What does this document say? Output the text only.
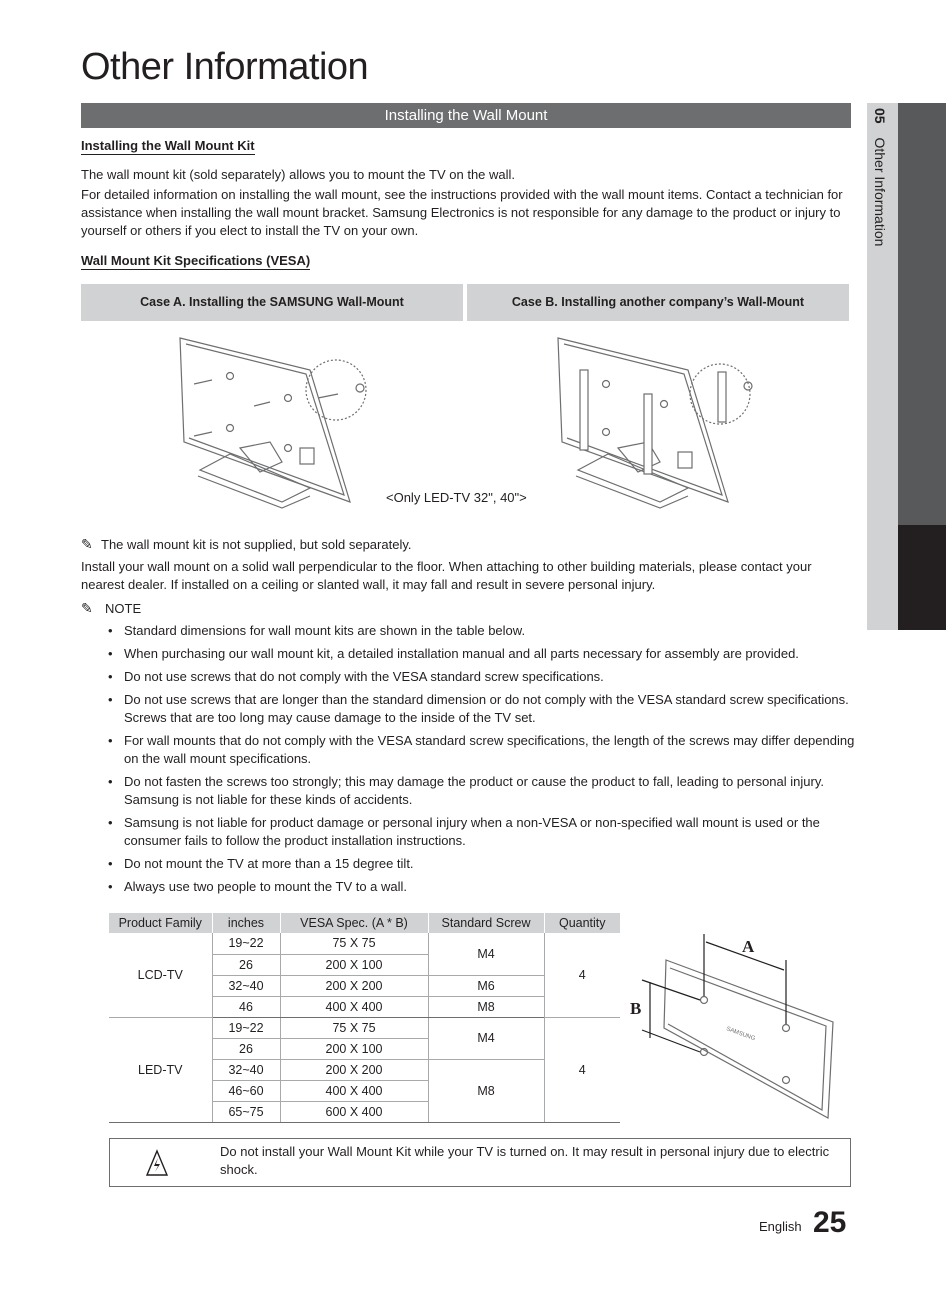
Other Information
Installing the Wall Mount	05 Other Information
Installing the Wall Mount Kit
The wall mount kit (sold separately) allows you to mount the TV on the wall.
For detailed information on installing the wall mount, see the instructions provided with the wall mount items. Contact a technician for assistance when installing the wall mount bracket. Samsung Electronics is not responsible for any damage to the product or injury to yourself or others if you elect to install the TV on your own.
Wall Mount Kit Specifications (VESA)
Case A. Installing the SAMSUNG Wall-Mount	Case B. Installing another company’s Wall-Mount
<Only LED-TV 32", 40">
✎ The wall mount kit is not supplied, but sold separately.
Install your wall mount on a solid wall perpendicular to the floor. When attaching to other building materials, please contact your nearest dealer. If installed on a ceiling or slanted wall, it may fall and result in severe personal injury.
✎ NOTE
• Standard dimensions for wall mount kits are shown in the table below.
• When purchasing our wall mount kit, a detailed installation manual and all parts necessary for assembly are provided.
• Do not use screws that do not comply with the VESA standard screw specifications.
• Do not use screws that are longer than the standard dimension or do not comply with the VESA standard screw specifications. Screws that are too long may cause damage to the inside of the TV set.
• For wall mounts that do not comply with the VESA standard screw specifications, the length of the screws may differ depending on the wall mount specifications.
• Do not fasten the screws too strongly; this may damage the product or cause the product to fall, leading to personal injury. Samsung is not liable for these kinds of accidents.
• Samsung is not liable for product damage or personal injury when a non-VESA or non-specified wall mount is used or the consumer fails to follow the product installation instructions.
• Do not mount the TV at more than a 15 degree tilt.
• Always use two people to mount the TV to a wall.
Product Family	inches	VESA Spec. (A * B)	Standard Screw	Quantity
LCD-TV	19~22	75 X 75	M4	4
	26	200 X 100		
	32~40	200 X 200	M6	
	46	400 X 400	M8	
LED-TV	19~22	75 X 75	M4	4
	26	200 X 100		
	32~40	200 X 200	M8	
	46~60	400 X 400		
	65~75	600 X 400		
A
B
SAMSUNG
Do not install your Wall Mount Kit while your TV is turned on. It may result in personal injury due to electric shock.
English 25
